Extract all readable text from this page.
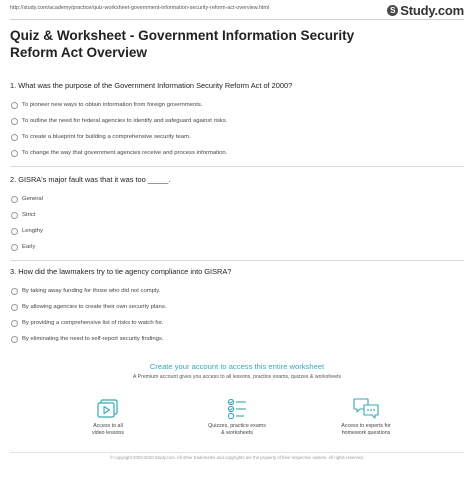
http://study.com/academy/practice/quiz-worksheet-government-information-security-reform-act-overview.html	S Study.com
Quiz & Worksheet - Government Information Security Reform Act Overview
1. What was the purpose of the Government Information Security Reform Act of 2000?
To pioneer new ways to obtain information from foreign governments.
To outline the need for federal agencies to identify and safeguard against risks.
To create a blueprint for building a comprehensive security team.
To change the way that government agencies receive and process information.
2. GISRA's major fault was that it was too _____.
General
Strict
Lengthy
Early
3. How did the lawmakers try to tie agency compliance into GISRA?
By taking away funding for those who did not comply.
By allowing agencies to create their own security plans.
By providing a comprehensive list of risks to watch for.
By eliminating the need to self-report security findings.
Create your account to access this entire worksheet
A Premium account gives you access to all lessons, practice exams, quizzes & worksheets
Access to all
video lessons
Quizzes, practice exams
& worksheets
Access to experts for
homework questions
© copyright 2003-2020 Study.com. All other trademarks and copyrights are the property of their respective owners. All rights reserved.
